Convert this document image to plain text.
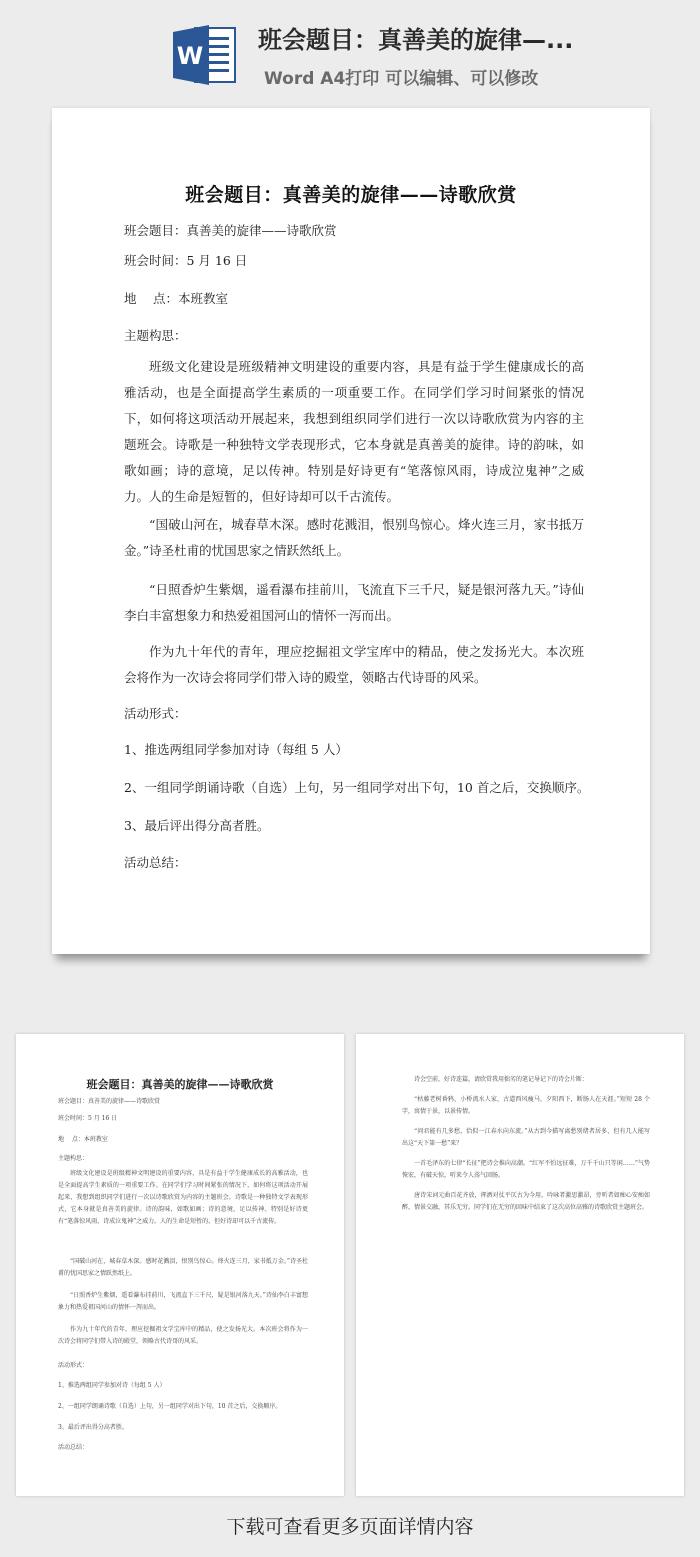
W
班会题目：真善美的旋律—...
Word A4打印 可以编辑、可以修改
班会题目：真善美的旋律——诗歌欣赏
班会题目：真善美的旋律——诗歌欣赏
班会时间：5 月 16 日
地　 点：本班教室
主题构思：
班级文化建设是班级精神文明建设的重要内容，具是有益于学生健康成长的高雅活动，也是全面提高学生素质的一项重要工作。在同学们学习时间紧张的情况下，如何将这项活动开展起来，我想到组织同学们进行一次以诗歌欣赏为内容的主题班会。诗歌是一种独特文学表现形式，它本身就是真善美的旋律。诗的韵味，如歌如画；诗的意境，足以传神。特别是好诗更有“笔落惊风雨，诗成泣鬼神”之威力。人的生命是短暂的，但好诗却可以千古流传。
“国破山河在，城春草木深。感时花溅泪，恨别鸟惊心。烽火连三月，家书抵万金。”诗圣杜甫的忧国思家之情跃然纸上。
“日照香炉生紫烟，遥看瀑布挂前川，飞流直下三千尺，疑是银河落九天。”诗仙李白丰富想象力和热爱祖国河山的情怀一泻而出。
作为九十年代的青年，理应挖掘祖文学宝库中的精品，使之发扬光大。本次班会将作为一次诗会将同学们带入诗的殿堂，领略古代诗哥的风采。
活动形式：
1、推选两组同学参加对诗（每组 5 人）
2、一组同学朗诵诗歌（自选）上句，另一组同学对出下句，10 首之后，交换顺序。
3、最后评出得分高者胜。
活动总结：
班会题目：真善美的旋律——诗歌欣赏
班会题目：真善美的旋律——诗歌欣赏
班会时间：5 月 16 日
地　 点：本班教室
主题构思：
班级文化建设是班级精神文明建设的重要内容，具是有益于学生健康成长的高雅活动，也是全面提高学生素质的一项重要工作。在同学们学习时间紧张的情况下，如何将这项活动开展起来，我想到组织同学们进行一次以诗歌欣赏为内容的主题班会。诗歌是一种独特文学表现形式，它本身就是真善美的旋律。诗的韵味，如歌如画；诗的意境，足以传神。特别是好诗更有“笔落惊风雨，诗成泣鬼神”之威力。人的生命是短暂的，但好诗却可以千古流传。
“国破山河在，城春草木深。感时花溅泪，恨别鸟惊心。烽火连三月，家书抵万金。”诗圣杜甫的忧国思家之情跃然纸上。
“日照香炉生紫烟，遥看瀑布挂前川，飞流直下三千尺，疑是银河落九天。”诗仙李白丰富想象力和热爱祖国河山的情怀一泻而出。
作为九十年代的青年，理应挖掘祖文学宝库中的精品，使之发扬光大。本次班会将作为一次诗会将同学们带入诗的殿堂，领略古代诗哥的风采。
活动形式：
1、推选两组同学参加对诗（每组 5 人）
2、一组同学朗诵诗歌（自选）上句，另一组同学对出下句，10 首之后，交换顺序。
3、最后评出得分高者胜。
活动总结：
诗会空前，好诗连篇，请欣赏我用拙劣的笔记导记下的诗会片断：
“枯藤老树昏鸦，小桥流水人家，古道西风瘦马，夕阳西下，断肠人在天涯。”短短 28 个字，寓情于景，以景传情。
“问君能有几多愁，恰似一江春水向东流。”从古到今描写离愁别绪者居多，但有几人能写出这“天下第一愁”来？
一首毛泽东的七律“长征”把诗会推向高潮。“红军不怕远征难，万千千山只等闲……”气势恢宏，有破天惊，听来令人荡气回肠。
唐诗宋词元曲百花齐放，挥洒对仗平仄古为今用，吟咏者激思激昂，旁听者如痴心安痴如醉，情景交融，其乐无穷。同学们在无穷的回味中结束了这次高位高雅的诗歌欣赏主题班会。
下载可查看更多页面详情内容
